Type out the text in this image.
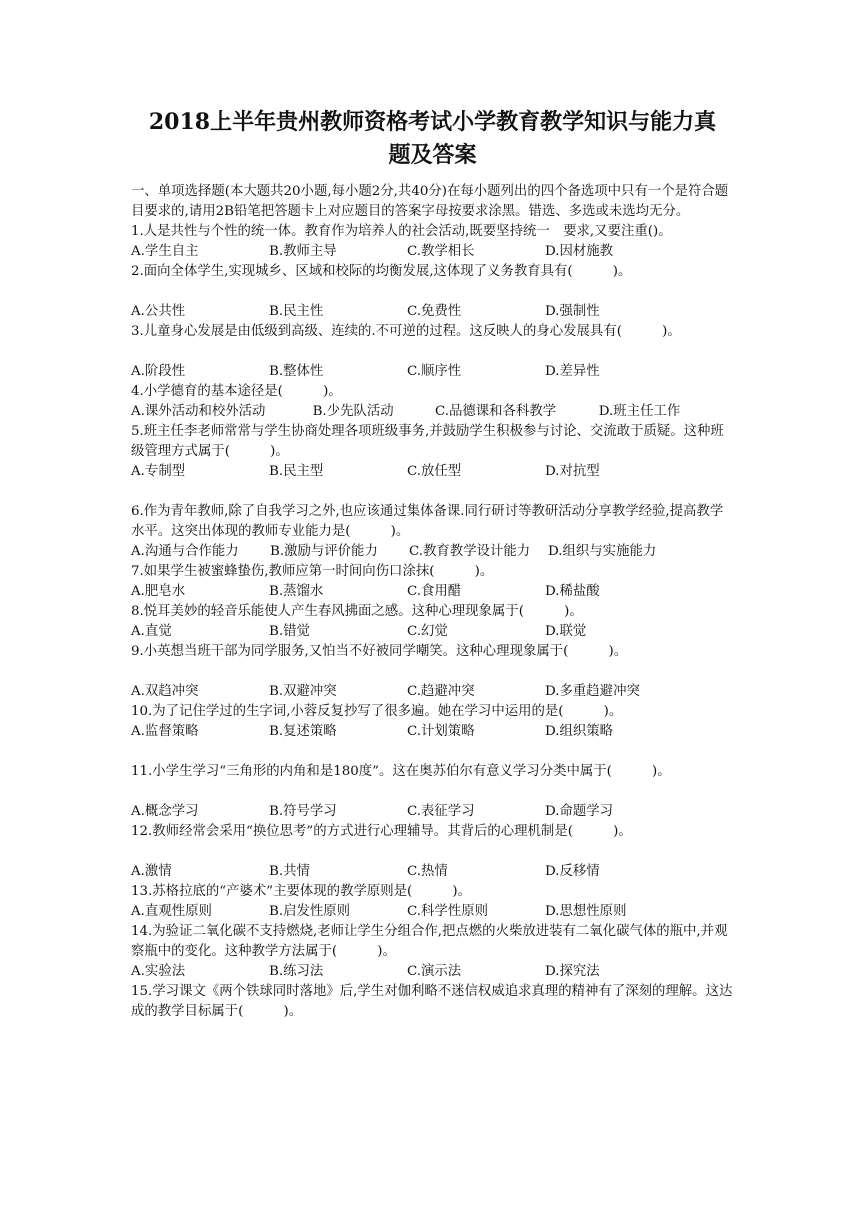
2018上半年贵州教师资格考试小学教育教学知识与能力真
题及答案

一、单项选择题(本大题共20小题,每小题2分,共40分)在每小题列出的四个备选项中只有一个是符合题目要求的,请用2B铅笔把答题卡上对应题目的答案字母按要求涂黑。错选、多选或未选均无分。

1.人是共性与个性的统一体。教育作为培养人的社会活动,既要坚持统一　要求,又要注重()。

A.学生自主	B.教师主导	C.教学相长	D.因材施教

2.面向全体学生,实现城乡、区域和校际的均衡发展,这体现了义务教育具有(　　　)。

A.公共性	B.民主性	C.免费性	D.强制性

3.儿童身心发展是由低级到高级、连续的.不可逆的过程。这反映人的身心发展具有(　　　)。

A.阶段性	B.整体性	C.顺序性	D.差异性

4.小学德育的基本途径是(　　　)。

A.课外活动和校外活动	B.少先队活动	C.品德课和各科教学	D.班主任工作

5.班主任李老师常常与学生协商处理各项班级事务,并鼓励学生积极参与讨论、交流敢于质疑。这种班级管理方式属于(　　　)。

A.专制型	B.民主型	C.放任型	D.对抗型

6.作为青年教师,除了自我学习之外,也应该通过集体备课.同行研讨等教研活动分享教学经验,提高教学水平。这突出体现的教师专业能力是(　　　)。

A.沟通与合作能力	B.激励与评价能力	C.教育教学设计能力	D.组织与实施能力

7.如果学生被蜜蜂蛰伤,教师应第一时间向伤口涂抹(　　　)。

A.肥皂水	B.蒸馏水	C.食用醋	D.稀盐酸

8.悦耳美妙的轻音乐能使人产生春风拂面之感。这种心理现象属于(　　　)。

A.直觉	B.错觉	C.幻觉	D.联觉

9.小英想当班干部为同学服务,又怕当不好被同学嘲笑。这种心理现象属于(　　　)。

A.双趋冲突	B.双避冲突	C.趋避冲突	D.多重趋避冲突

10.为了记住学过的生字词,小蓉反复抄写了很多遍。她在学习中运用的是(　　　)。

A.监督策略	B.复述策略	C.计划策略	D.组织策略

11.小学生学习“三角形的内角和是180度”。这在奥苏伯尔有意义学习分类中属于(　　　)。

A.概念学习	B.符号学习	C.表征学习	D.命题学习

12.教师经常会采用“换位思考”的方式进行心理辅导。其背后的心理机制是(　　　)。

A.激情	B.共情	C.热情	D.反移情

13.苏格拉底的“产婆术”主要体现的教学原则是(　　　)。

A.直观性原则	B.启发性原则	C.科学性原则	D.思想性原则

14.为验证二氧化碳不支持燃烧,老师让学生分组合作,把点燃的火柴放进装有二氧化碳气体的瓶中,并观察瓶中的变化。这种教学方法属于(　　　)。

A.实验法	B.练习法	C.演示法	D.探究法

15.学习课文《两个铁球同时落地》后,学生对伽利略不迷信权威追求真理的精神有了深刻的理解。这达成的教学目标属于(　　　)。
